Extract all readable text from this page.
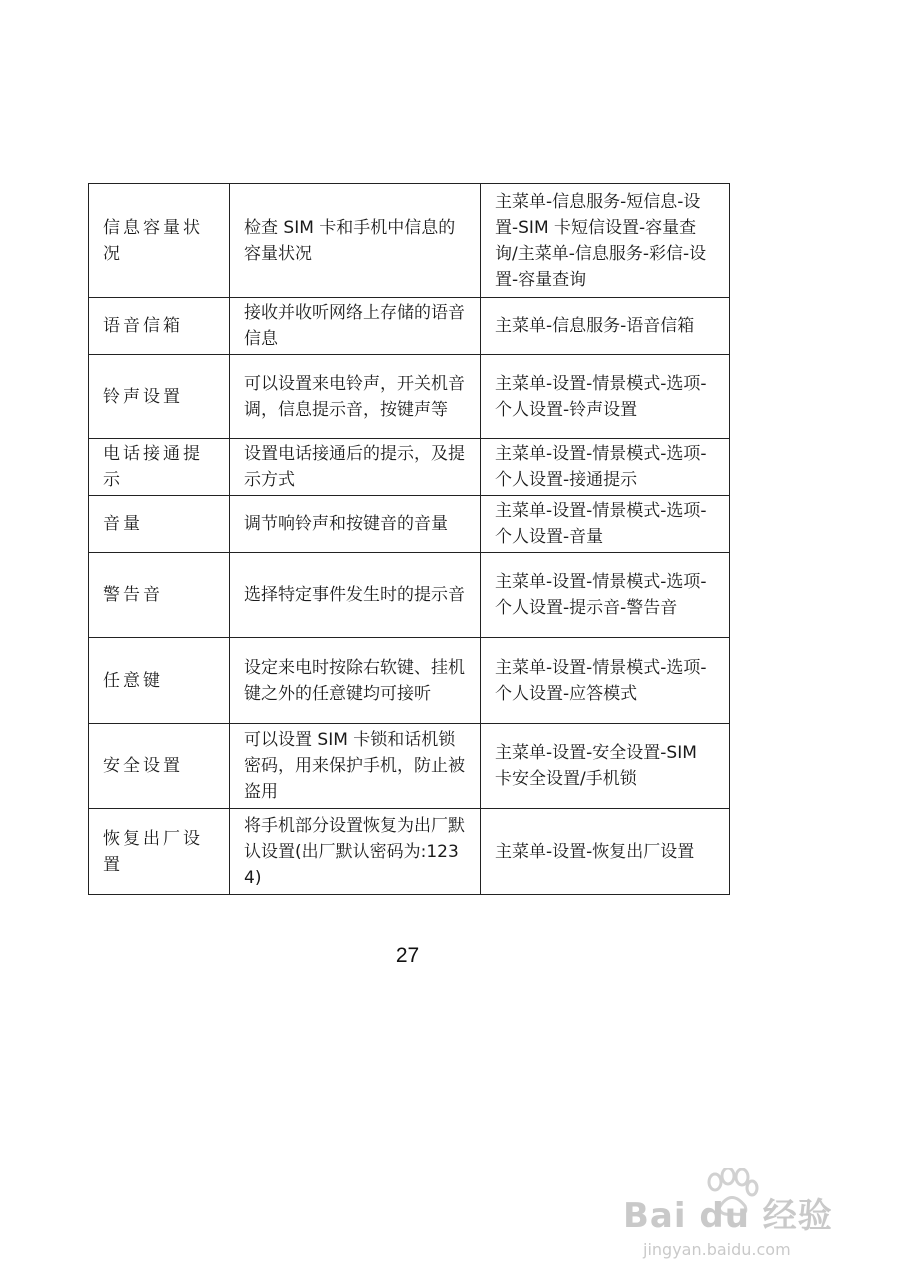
信息容量状况	检查 SIM 卡和手机中信息的容量状况	主菜单-信息服务-短信息-设置-SIM 卡短信设置-容量查询/主菜单-信息服务-彩信-设置-容量查询
语音信箱	接收并收听网络上存储的语音信息	主菜单-信息服务-语音信箱
铃声设置	可以设置来电铃声，开关机音调，信息提示音，按键声等	主菜单-设置-情景模式-选项-个人设置-铃声设置
电话接通提示	设置电话接通后的提示，及提示方式	主菜单-设置-情景模式-选项-个人设置-接通提示
音量	调节响铃声和按键音的音量	主菜单-设置-情景模式-选项-个人设置-音量
警告音	选择特定事件发生时的提示音	主菜单-设置-情景模式-选项-个人设置-提示音-警告音
任意键	设定来电时按除右软键、挂机键之外的任意键均可接听	主菜单-设置-情景模式-选项-个人设置-应答模式
安全设置	可以设置 SIM 卡锁和话机锁密码，用来保护手机，防止被盗用	主菜单-设置-安全设置-SIM 卡安全设置/手机锁
恢复出厂设置	将手机部分设置恢复为出厂默认设置(出厂默认密码为:1234)	主菜单-设置-恢复出厂设置
27
Bai du 经验
jingyan.baidu.com
